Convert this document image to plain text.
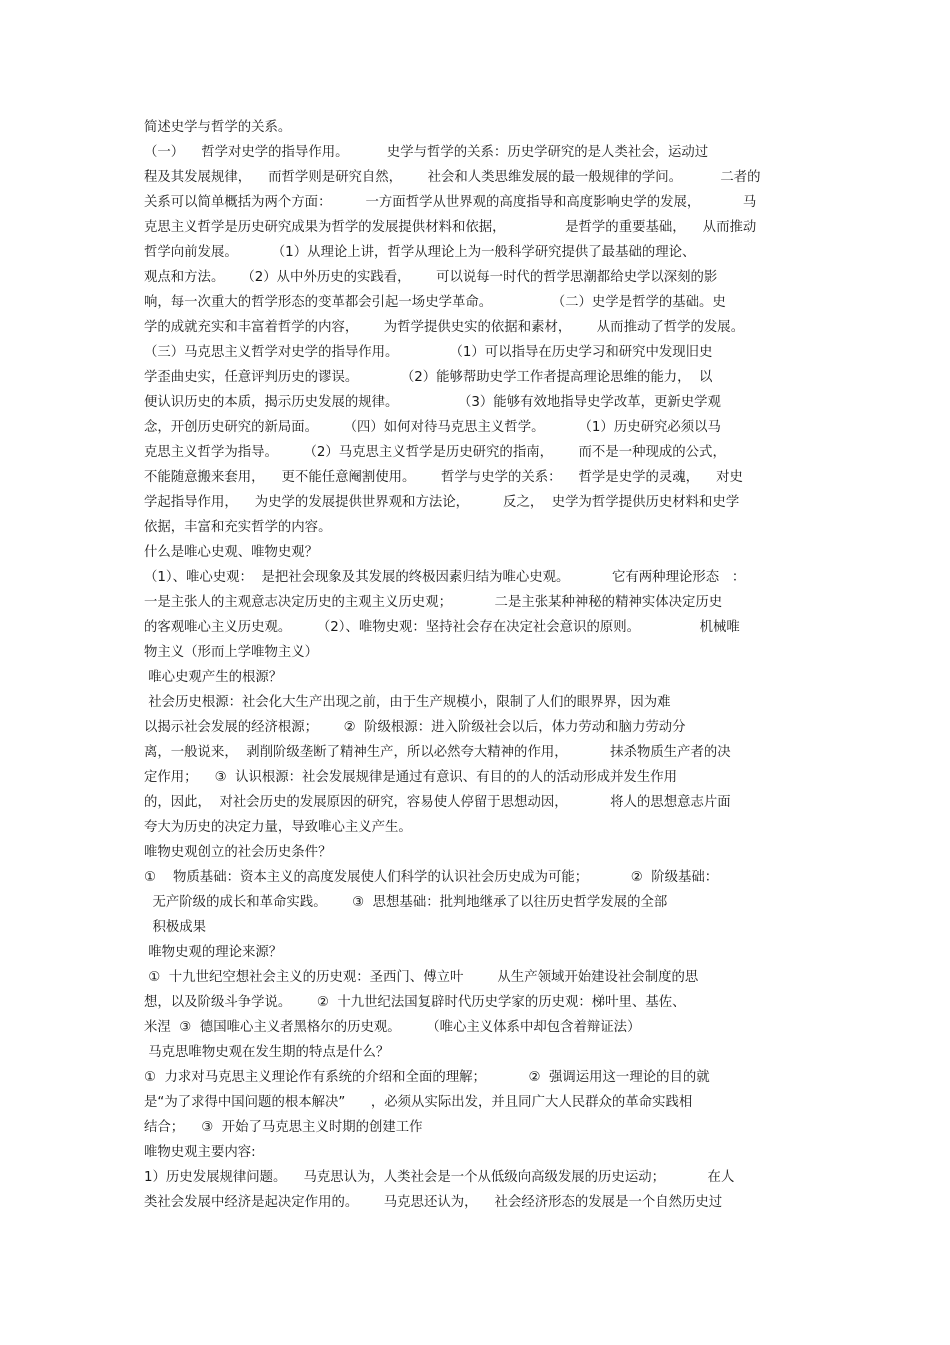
简述史学与哲学的关系。
（一）    哲学对史学的指导作用。         史学与哲学的关系：历史学研究的是人类社会，运动过
程及其发展规律，    而哲学则是研究自然，      社会和人类思维发展的最一般规律的学问。         二者的
关系可以简单概括为两个方面：        一方面哲学从世界观的高度指导和高度影响史学的发展，          马
克思主义哲学是历史研究成果为哲学的发展提供材料和依据，              是哲学的重要基础，    从而推动
哲学向前发展。        （1）从理论上讲，哲学从理论上为一般科学研究提供了最基础的理论、
观点和方法。    （2）从中外历史的实践看，      可以说每一时代的哲学思潮都给史学以深刻的影
响，每一次重大的哲学形态的变革都会引起一场史学革命。              （二）史学是哲学的基础。史
学的成就充实和丰富着哲学的内容，      为哲学提供史实的依据和素材，      从而推动了哲学的发展。
（三）马克思主义哲学对史学的指导作用。            （1）可以指导在历史学习和研究中发现旧史
学歪曲史实，任意评判历史的谬误。          （2）能够帮助史学工作者提高理论思维的能力，  以
便认识历史的本质，揭示历史发展的规律。              （3）能够有效地指导史学改革，更新史学观
念，开创历史研究的新局面。      （四）如何对待马克思主义哲学。        （1）历史研究必须以马
克思主义哲学为指导。      （2）马克思主义哲学是历史研究的指南，      而不是一种现成的公式，
不能随意搬来套用，    更不能任意阉割使用。      哲学与史学的关系：    哲学是史学的灵魂，    对史
学起指导作用，    为史学的发展提供世界观和方法论，        反之，  史学为哲学提供历史材料和史学
依据，丰富和充实哲学的内容。
什么是唯心史观、唯物史观？
（1）、唯心史观：  是把社会现象及其发展的终极因素归结为唯心史观。          它有两种理论形态   ：
一是主张人的主观意志决定历史的主观主义历史观；          二是主张某种神秘的精神实体决定历史
的客观唯心主义历史观。      （2）、唯物史观：坚持社会存在决定社会意识的原则。              机械唯
物主义（形而上学唯物主义）
唯心史观产生的根源？
社会历史根源：社会化大生产出现之前，由于生产规模小，限制了人们的眼界界，因为难
以揭示社会发展的经济根源；      ②  阶级根源：进入阶级社会以后，体力劳动和脑力劳动分
离，一般说来，  剥削阶级垄断了精神生产，所以必然夸大精神的作用，          抹杀物质生产者的决
定作用；    ③  认识根源：社会发展规律是通过有意识、有目的的人的活动形成并发生作用
的，因此，  对社会历史的发展原因的研究，容易使人停留于思想动因，          将人的思想意志片面
夸大为历史的决定力量，导致唯心主义产生。
唯物史观创立的社会历史条件？
①    物质基础：资本主义的高度发展使人们科学的认识社会历史成为可能；          ②  阶级基础：
无产阶级的成长和革命实践。      ③  思想基础：批判地继承了以往历史哲学发展的全部
积极成果
唯物史观的理论来源？
①  十九世纪空想社会主义的历史观：圣西门、傅立叶        从生产领域开始建设社会制度的思
想，以及阶级斗争学说。      ②  十九世纪法国复辟时代历史学家的历史观：梯叶里、基佐、
米涅  ③  德国唯心主义者黑格尔的历史观。      （唯心主义体系中却包含着辩证法）
马克思唯物史观在发生期的特点是什么？
①  力求对马克思主义理论作有系统的介绍和全面的理解；          ②  强调运用这一理论的目的就
是“为了求得中国问题的根本解决”      ，必须从实际出发，并且同广大人民群众的革命实践相
结合；    ③  开始了马克思主义时期的创建工作
唯物史观主要内容:
1）历史发展规律问题。    马克思认为，人类社会是一个从低级向高级发展的历史运动；          在人
类社会发展中经济是起决定作用的。      马克思还认为，    社会经济形态的发展是一个自然历史过
